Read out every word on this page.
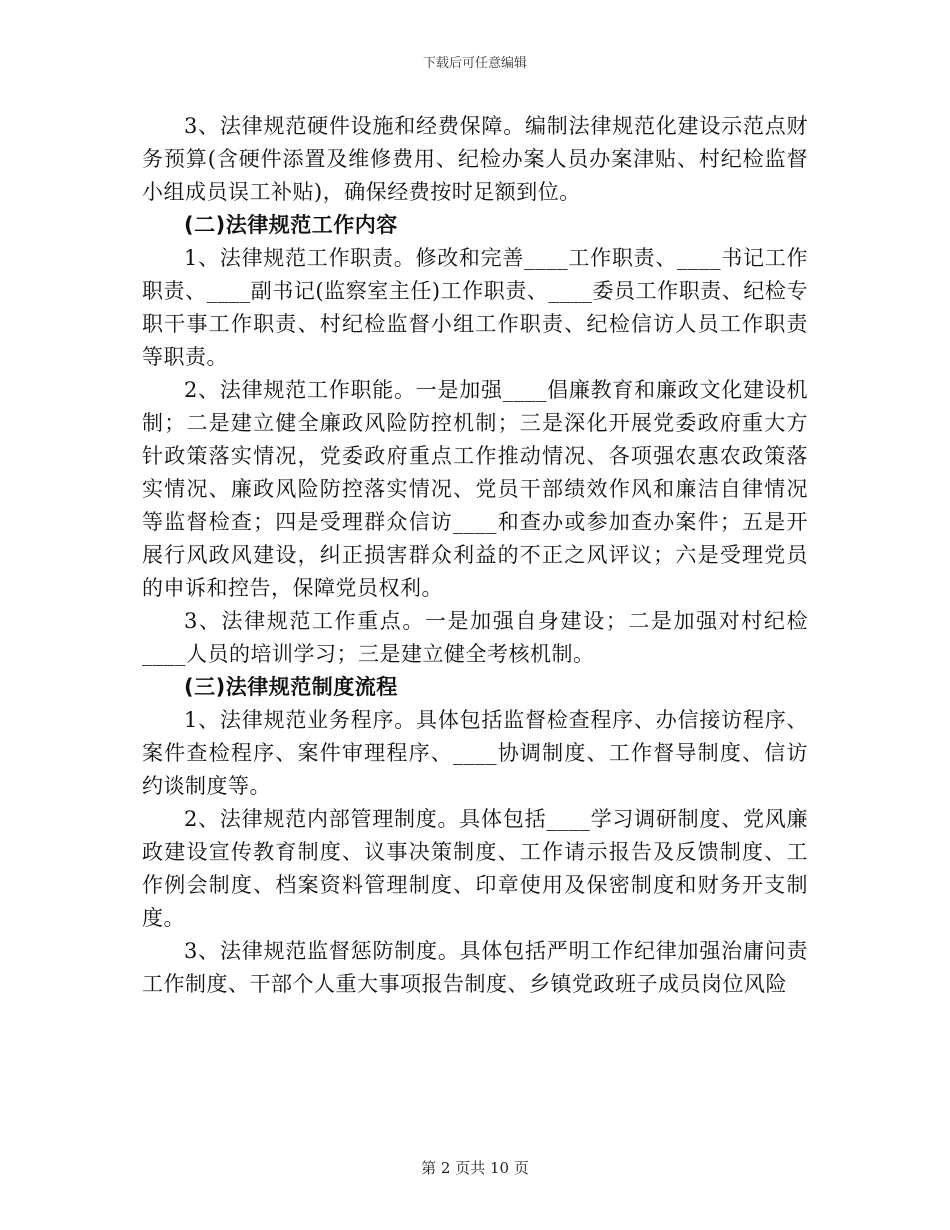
下载后可任意编辑

3、法律规范硬件设施和经费保障。编制法律规范化建设示范点财务预算(含硬件添置及维修费用、纪检办案人员办案津贴、村纪检监督小组成员误工补贴)，确保经费按时足额到位。

(二)法律规范工作内容

1、法律规范工作职责。修改和完善____工作职责、____书记工作职责、____副书记(监察室主任)工作职责、____委员工作职责、纪检专职干事工作职责、村纪检监督小组工作职责、纪检信访人员工作职责等职责。

2、法律规范工作职能。一是加强____倡廉教育和廉政文化建设机制；二是建立健全廉政风险防控机制；三是深化开展党委政府重大方针政策落实情况，党委政府重点工作推动情况、各项强农惠农政策落实情况、廉政风险防控落实情况、党员干部绩效作风和廉洁自律情况等监督检查；四是受理群众信访____和查办或参加查办案件；五是开展行风政风建设，纠正损害群众利益的不正之风评议；六是受理党员的申诉和控告，保障党员权利。

3、法律规范工作重点。一是加强自身建设；二是加强对村纪检____人员的培训学习；三是建立健全考核机制。

(三)法律规范制度流程

1、法律规范业务程序。具体包括监督检查程序、办信接访程序、案件查检程序、案件审理程序、____协调制度、工作督导制度、信访约谈制度等。

2、法律规范内部管理制度。具体包括____学习调研制度、党风廉政建设宣传教育制度、议事决策制度、工作请示报告及反馈制度、工作例会制度、档案资料管理制度、印章使用及保密制度和财务开支制度。

3、法律规范监督惩防制度。具体包括严明工作纪律加强治庸问责工作制度、干部个人重大事项报告制度、乡镇党政班子成员岗位风险

第 2 页共 10 页
